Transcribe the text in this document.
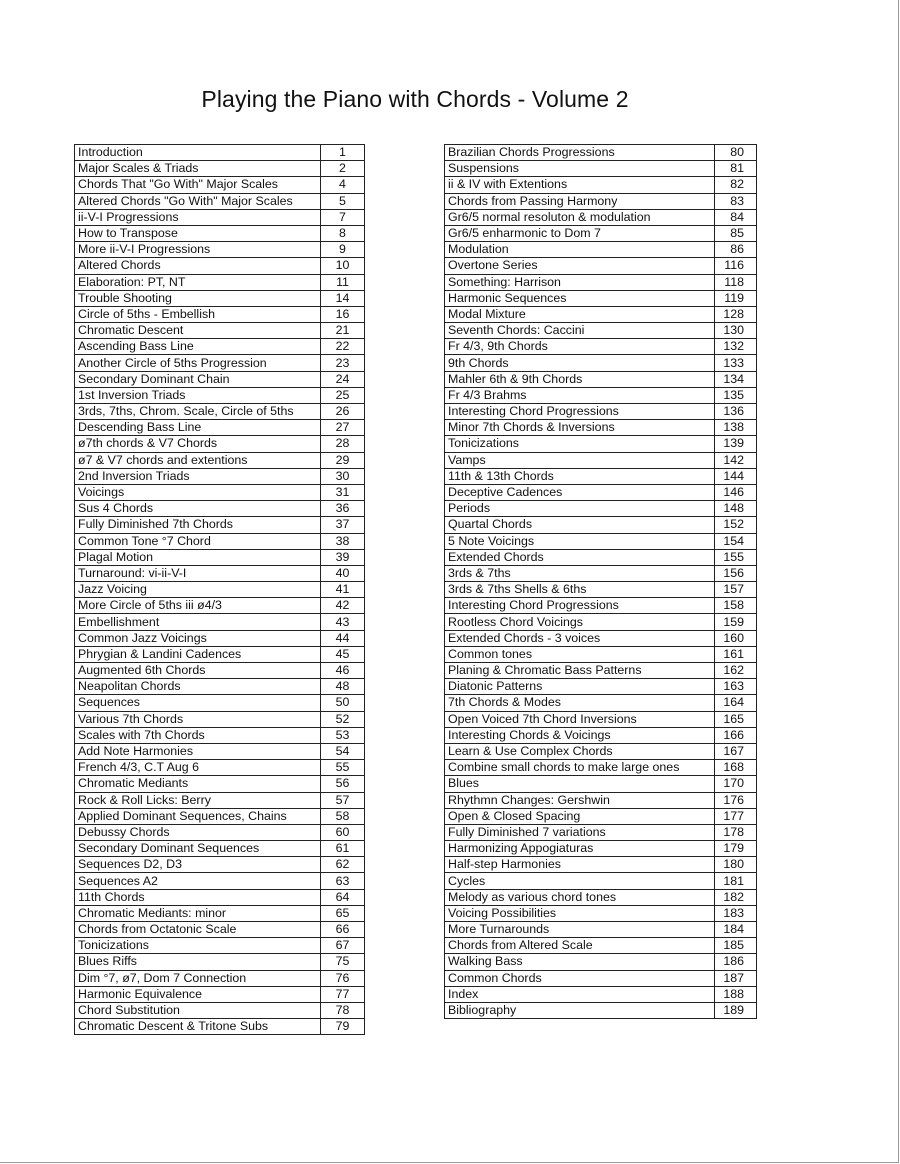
Playing the Piano with Chords - Volume 2
Introduction	1
Major Scales & Triads	2
Chords That "Go With" Major Scales	4
Altered Chords "Go With" Major Scales	5
ii-V-I Progressions	7
How to Transpose	8
More ii-V-I Progressions	9
Altered Chords	10
Elaboration: PT, NT	11
Trouble Shooting	14
Circle of 5ths - Embellish	16
Chromatic Descent	21
Ascending Bass Line	22
Another Circle of 5ths Progression	23
Secondary Dominant Chain	24
1st Inversion Triads	25
3rds, 7ths, Chrom. Scale, Circle of 5ths	26
Descending Bass Line	27
ø7th chords & V7 Chords	28
ø7 & V7 chords and extentions	29
2nd Inversion Triads	30
Voicings	31
Sus 4 Chords	36
Fully Diminished 7th Chords	37
Common Tone °7 Chord	38
Plagal Motion	39
Turnaround: vi-ii-V-I	40
Jazz Voicing	41
More Circle of 5ths iii ø4/3	42
Embellishment	43
Common Jazz Voicings	44
Phrygian & Landini Cadences	45
Augmented 6th Chords	46
Neapolitan Chords	48
Sequences	50
Various 7th Chords	52
Scales with 7th Chords	53
Add Note Harmonies	54
French 4/3, C.T Aug 6	55
Chromatic Mediants	56
Rock & Roll Licks: Berry	57
Applied Dominant Sequences, Chains	58
Debussy Chords	60
Secondary Dominant Sequences	61
Sequences D2, D3	62
Sequences A2	63
11th Chords	64
Chromatic Mediants: minor	65
Chords from Octatonic Scale	66
Tonicizations	67
Blues Riffs	75
Dim °7, ø7, Dom 7 Connection	76
Harmonic Equivalence	77
Chord Substitution	78
Chromatic Descent & Tritone Subs	79
Brazilian Chords Progressions	80
Suspensions	81
ii & IV with Extentions	82
Chords from Passing Harmony	83
Gr6/5 normal resoluton & modulation	84
Gr6/5 enharmonic to Dom 7	85
Modulation	86
Overtone Series	116
Something: Harrison	118
Harmonic Sequences	119
Modal Mixture	128
Seventh Chords: Caccini	130
Fr 4/3, 9th Chords	132
9th Chords	133
Mahler 6th & 9th Chords	134
Fr 4/3 Brahms	135
Interesting Chord Progressions	136
Minor 7th Chords & Inversions	138
Tonicizations	139
Vamps	142
11th & 13th Chords	144
Deceptive Cadences	146
Periods	148
Quartal Chords	152
5 Note Voicings	154
Extended Chords	155
3rds & 7ths	156
3rds & 7ths Shells & 6ths	157
Interesting Chord Progressions	158
Rootless Chord Voicings	159
Extended Chords - 3 voices	160
Common tones	161
Planing & Chromatic Bass Patterns	162
Diatonic Patterns	163
7th Chords & Modes	164
Open Voiced 7th Chord Inversions	165
Interesting Chords & Voicings	166
Learn & Use Complex Chords	167
Combine small chords to make large ones	168
Blues	170
Rhythmn Changes: Gershwin	176
Open & Closed Spacing	177
Fully Diminished 7 variations	178
Harmonizing Appogiaturas	179
Half-step Harmonies	180
Cycles	181
Melody as various chord tones	182
Voicing Possibilities	183
More Turnarounds	184
Chords from Altered Scale	185
Walking Bass	186
Common Chords	187
Index	188
Bibliography	189
